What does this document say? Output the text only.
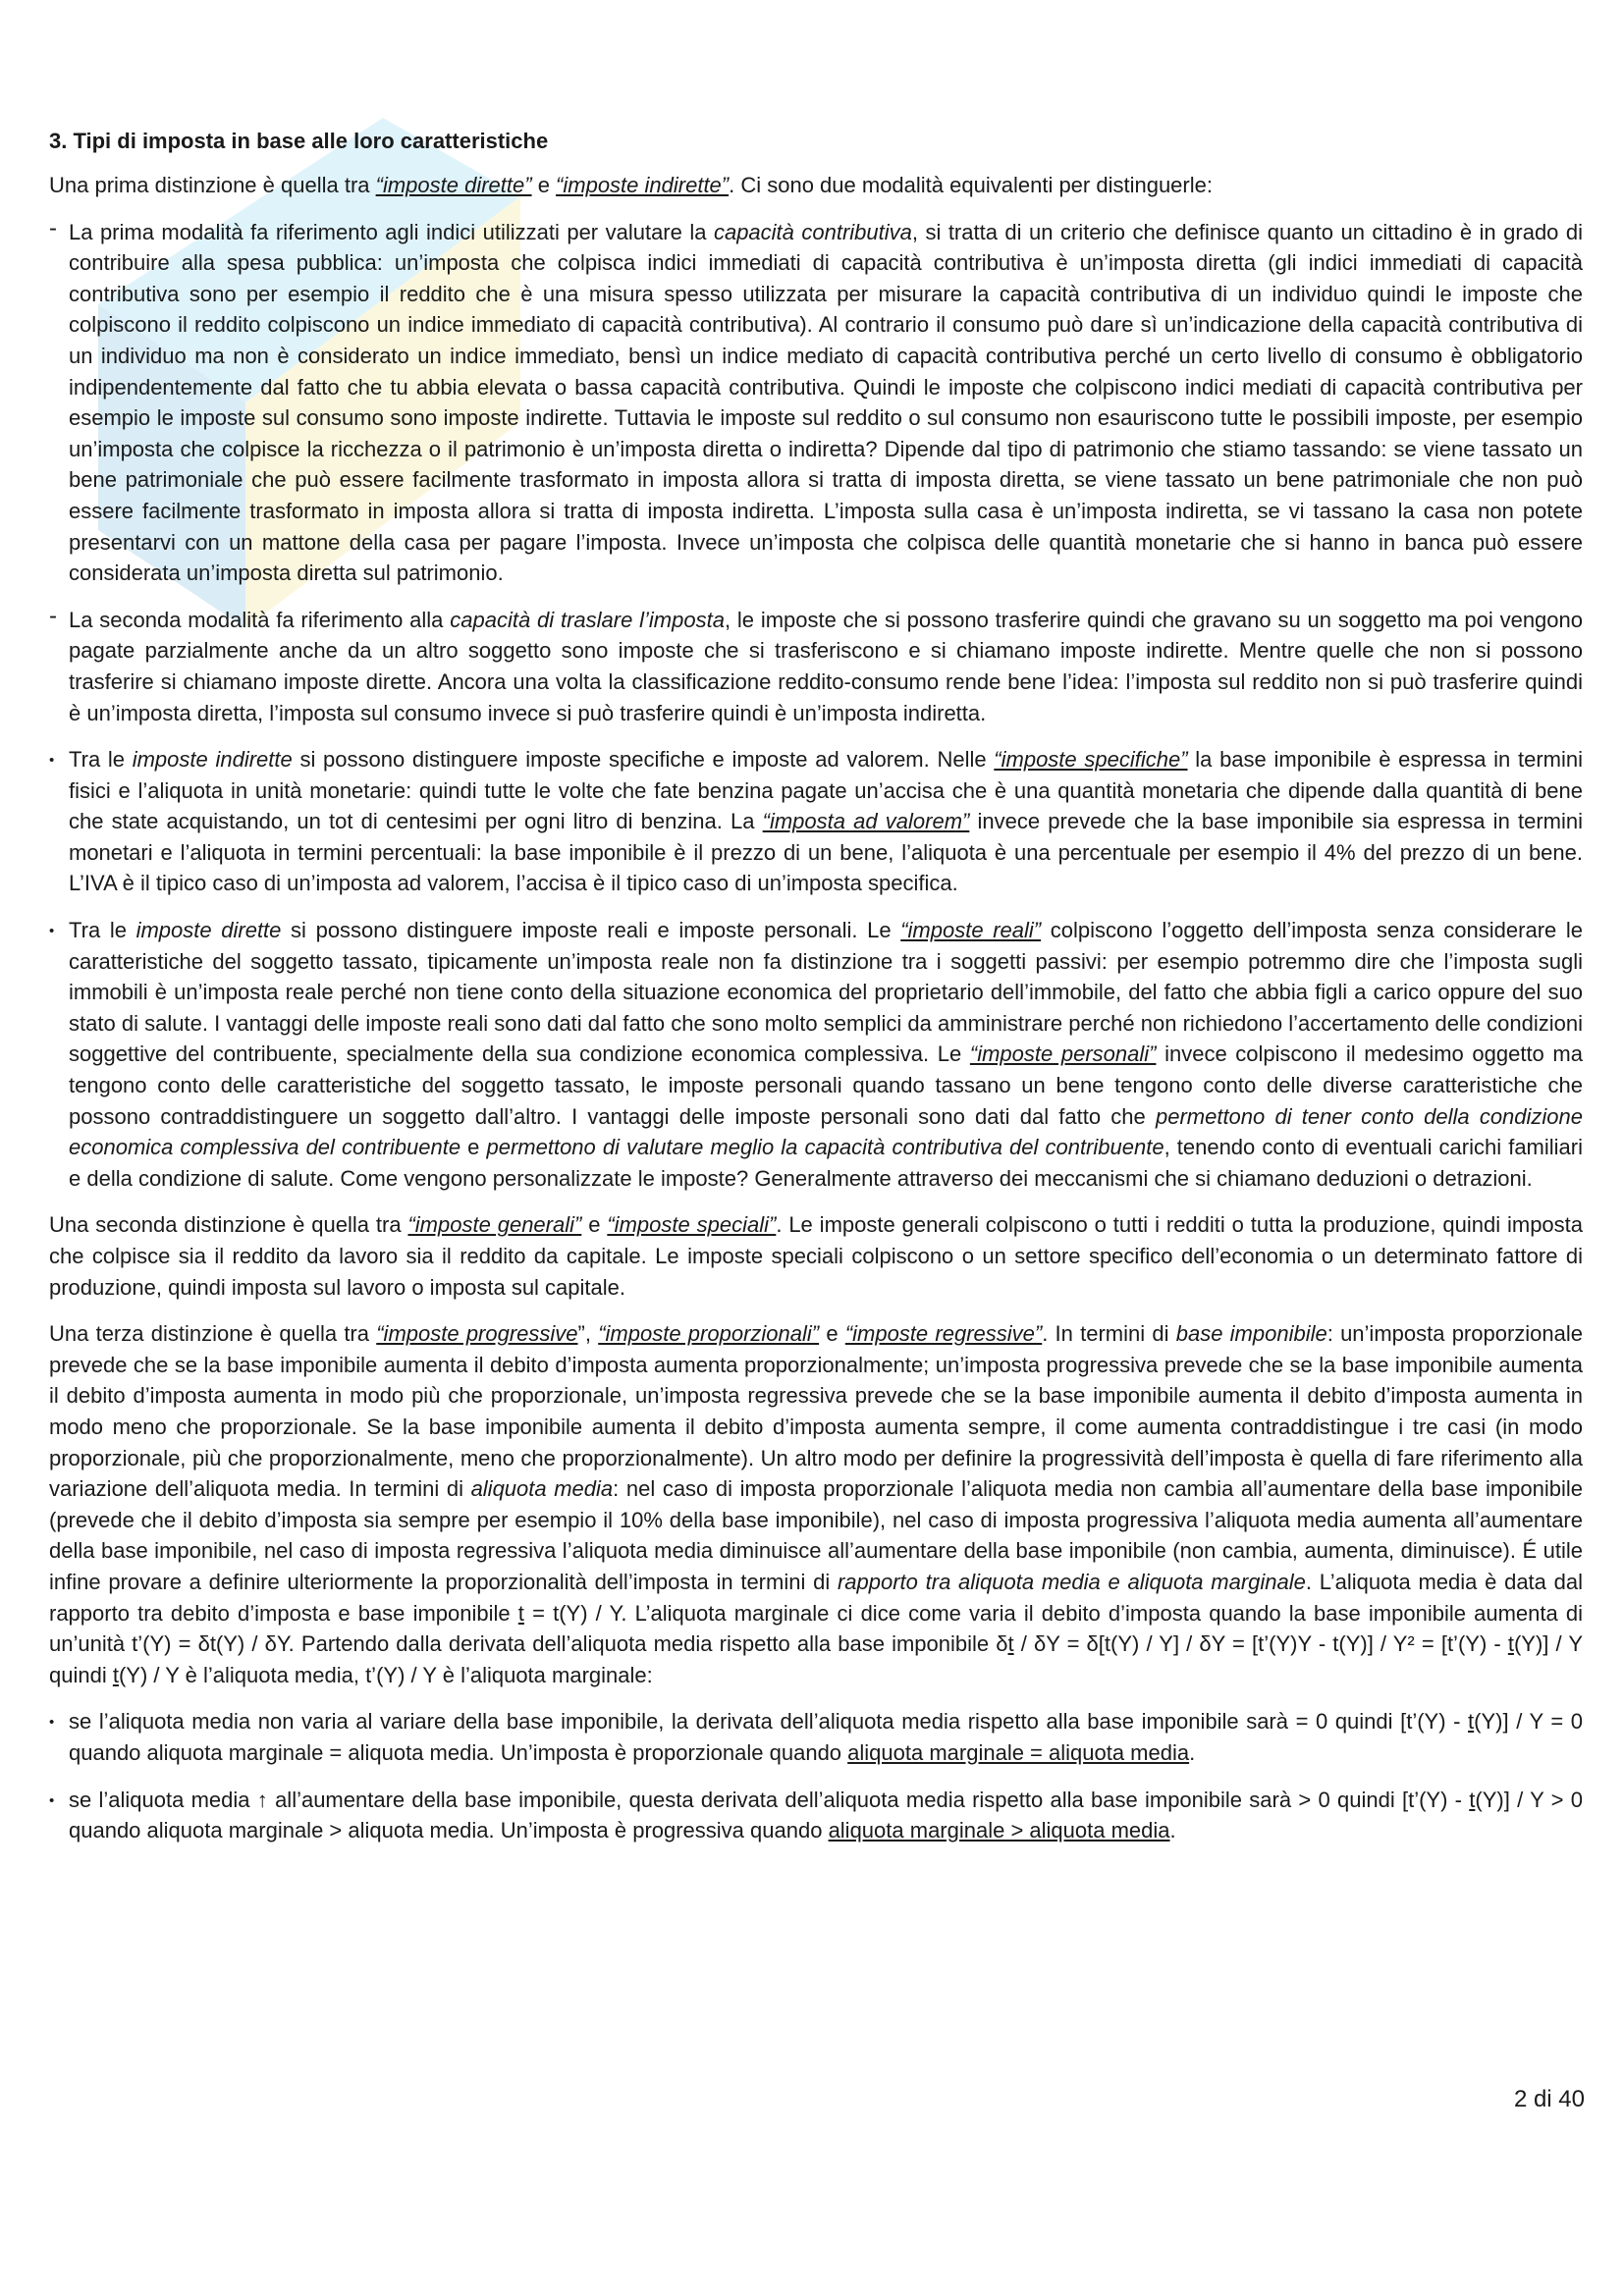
3. Tipi di imposta in base alle loro caratteristiche

Una prima distinzione è quella tra “imposte dirette” e “imposte indirette”. Ci sono due modalità equivalenti per distinguerle:

- La prima modalità fa riferimento agli indici utilizzati per valutare la capacità contributiva, si tratta di un criterio che definisce quanto un cittadino è in grado di contribuire alla spesa pubblica: un’imposta che colpisca indici immediati di capacità contributiva è un’imposta diretta (gli indici immediati di capacità contributiva sono per esempio il reddito che è una misura spesso utilizzata per misurare la capacità contributiva di un individuo quindi le imposte che colpiscono il reddito colpiscono un indice immediato di capacità contributiva). Al contrario il consumo può dare sì un’indicazione della capacità contributiva di un individuo ma non è considerato un indice immediato, bensì un indice mediato di capacità contributiva perché un certo livello di consumo è obbligatorio indipendentemente dal fatto che tu abbia elevata o bassa capacità contributiva. Quindi le imposte che colpiscono indici mediati di capacità contributiva per esempio le imposte sul consumo sono imposte indirette. Tuttavia le imposte sul reddito o sul consumo non esauriscono tutte le possibili imposte, per esempio un’imposta che colpisce la ricchezza o il patrimonio è un’imposta diretta o indiretta? Dipende dal tipo di patrimonio che stiamo tassando: se viene tassato un bene patrimoniale che può essere facilmente trasformato in imposta allora si tratta di imposta diretta, se viene tassato un bene patrimoniale che non può essere facilmente trasformato in imposta allora si tratta di imposta indiretta. L’imposta sulla casa è un’imposta indiretta, se vi tassano la casa non potete presentarvi con un mattone della casa per pagare l’imposta. Invece un’imposta che colpisca delle quantità monetarie che si hanno in banca può essere considerata un’imposta diretta sul patrimonio.

- La seconda modalità fa riferimento alla capacità di traslare l’imposta, le imposte che si possono trasferire quindi che gravano su un soggetto ma poi vengono pagate parzialmente anche da un altro soggetto sono imposte che si trasferiscono e si chiamano imposte indirette. Mentre quelle che non si possono trasferire si chiamano imposte dirette. Ancora una volta la classificazione reddito-consumo rende bene l’idea: l’imposta sul reddito non si può trasferire quindi è un’imposta diretta, l’imposta sul consumo invece si può trasferire quindi è un’imposta indiretta.

• Tra le imposte indirette si possono distinguere imposte specifiche e imposte ad valorem. Nelle “imposte specifiche” la base imponibile è espressa in termini fisici e l’aliquota in unità monetarie: quindi tutte le volte che fate benzina pagate un’accisa che è una quantità monetaria che dipende dalla quantità di bene che state acquistando, un tot di centesimi per ogni litro di benzina. La “imposta ad valorem” invece prevede che la base imponibile sia espressa in termini monetari e l’aliquota in termini percentuali: la base imponibile è il prezzo di un bene, l’aliquota è una percentuale per esempio il 4% del prezzo di un bene. L’IVA è il tipico caso di un’imposta ad valorem, l’accisa è il tipico caso di un’imposta specifica.

• Tra le imposte dirette si possono distinguere imposte reali e imposte personali. Le “imposte reali” colpiscono l’oggetto dell’imposta senza considerare le caratteristiche del soggetto tassato, tipicamente un’imposta reale non fa distinzione tra i soggetti passivi: per esempio potremmo dire che l’imposta sugli immobili è un’imposta reale perché non tiene conto della situazione economica del proprietario dell’immobile, del fatto che abbia figli a carico oppure del suo stato di salute. I vantaggi delle imposte reali sono dati dal fatto che sono molto semplici da amministrare perché non richiedono l’accertamento delle condizioni soggettive del contribuente, specialmente della sua condizione economica complessiva. Le “imposte personali” invece colpiscono il medesimo oggetto ma tengono conto delle caratteristiche del soggetto tassato, le imposte personali quando tassano un bene tengono conto delle diverse caratteristiche che possono contraddistinguere un soggetto dall’altro. I vantaggi delle imposte personali sono dati dal fatto che permettono di tener conto della condizione economica complessiva del contribuente e permettono di valutare meglio la capacità contributiva del contribuente, tenendo conto di eventuali carichi familiari e della condizione di salute. Come vengono personalizzate le imposte? Generalmente attraverso dei meccanismi che si chiamano deduzioni o detrazioni.

Una seconda distinzione è quella tra “imposte generali” e “imposte speciali”. Le imposte generali colpiscono o tutti i redditi o tutta la produzione, quindi imposta che colpisce sia il reddito da lavoro sia il reddito da capitale. Le imposte speciali colpiscono o un settore specifico dell’economia o un determinato fattore di produzione, quindi imposta sul lavoro o imposta sul capitale.

Una terza distinzione è quella tra “imposte progressive”, “imposte proporzionali” e “imposte regressive”. In termini di base imponibile: un’imposta proporzionale prevede che se la base imponibile aumenta il debito d’imposta aumenta proporzionalmente; un’imposta progressiva prevede che se la base imponibile aumenta il debito d’imposta aumenta in modo più che proporzionale, un’imposta regressiva prevede che se la base imponibile aumenta il debito d’imposta aumenta in modo meno che proporzionale. Se la base imponibile aumenta il debito d’imposta aumenta sempre, il come aumenta contraddistingue i tre casi (in modo proporzionale, più che proporzionalmente, meno che proporzionalmente). Un altro modo per definire la progressività dell’imposta è quella di fare riferimento alla variazione dell’aliquota media. In termini di aliquota media: nel caso di imposta proporzionale l’aliquota media non cambia all’aumentare della base imponibile (prevede che il debito d’imposta sia sempre per esempio il 10% della base imponibile), nel caso di imposta progressiva l’aliquota media aumenta all’aumentare della base imponibile, nel caso di imposta regressiva l’aliquota media diminuisce all’aumentare della base imponibile (non cambia, aumenta, diminuisce). É utile infine provare a definire ulteriormente la proporzionalità dell’imposta in termini di rapporto tra aliquota media e aliquota marginale. L’aliquota media è data dal rapporto tra debito d’imposta e base imponibile t = t(Y) / Y. L’aliquota marginale ci dice come varia il debito d’imposta quando la base imponibile aumenta di un’unità t’(Y) = δt(Y) / δY. Partendo dalla derivata dell’aliquota media rispetto alla base imponibile δt / δY = δ[t(Y) / Y] / δY = [t’(Y)Y - t(Y)] / Y² = [t’(Y) - t(Y)] / Y quindi t(Y) / Y è l’aliquota media, t’(Y) / Y è l’aliquota marginale:

• se l’aliquota media non varia al variare della base imponibile, la derivata dell’aliquota media rispetto alla base imponibile sarà = 0 quindi [t’(Y) - t(Y)] / Y = 0 quando aliquota marginale = aliquota media. Un’imposta è proporzionale quando aliquota marginale = aliquota media.

• se l’aliquota media ↑ all’aumentare della base imponibile, questa derivata dell’aliquota media rispetto alla base imponibile sarà > 0 quindi [t’(Y) - t(Y)] / Y > 0 quando aliquota marginale > aliquota media. Un’imposta è progressiva quando aliquota marginale > aliquota media.

2 di 40
